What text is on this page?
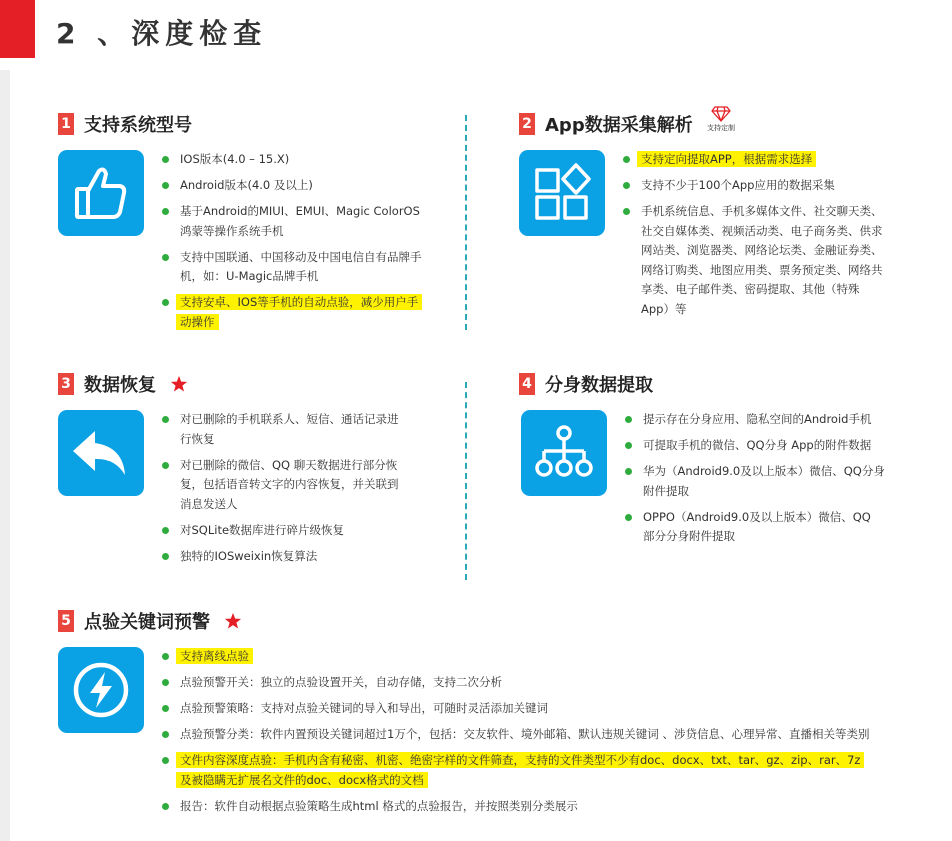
2 、深度检查
1 支持系统型号
IOS版本(4.0 – 15.X)
Android版本(4.0 及以上)
基于Android的MIUI、EMUI、Magic ColorOS鸿蒙等操作系统手机
支持中国联通、中国移动及中国电信自有品牌手机，如：U-Magic品牌手机
支持安卓、IOS等手机的自动点验，减少用户手动操作
2 App数据采集解析 支持定制
支持定向提取APP，根据需求选择
支持不少于100个App应用的数据采集
手机系统信息、手机多媒体文件、社交聊天类、社交自媒体类、视频活动类、电子商务类、供求网站类、浏览器类、网络论坛类、金融证券类、网络订购类、地图应用类、票务预定类、网络共享类、电子邮件类、密码提取、其他（特殊App）等
3 数据恢复
对已删除的手机联系人、短信、通话记录进行恢复
对已删除的微信、QQ 聊天数据进行部分恢复，包括语音转文字的内容恢复，并关联到消息发送人
对SQLite数据库进行碎片级恢复
独特的IOSweixin恢复算法
4 分身数据提取
提示存在分身应用、隐私空间的Android手机
可提取手机的微信、QQ分身 App的附件数据
华为（Android9.0及以上版本）微信、QQ分身附件提取
OPPO（Android9.0及以上版本）微信、QQ 部分分身附件提取
5 点验关键词预警
支持离线点验
点验预警开关：独立的点验设置开关，自动存储，支持二次分析
点验预警策略：支持对点验关键词的导入和导出，可随时灵活添加关键词
点验预警分类：软件内置预设关键词超过1万个，包括：交友软件、境外邮箱、默认违规关键词 、涉贷信息、心理异常、直播相关等类别
文件内容深度点验：手机内含有秘密、机密、绝密字样的文件筛查，支持的文件类型不少有doc、docx、txt、tar、gz、zip、rar、7z及被隐瞒无扩展名文件的doc、docx格式的文档
报告：软件自动根据点验策略生成html 格式的点验报告，并按照类别分类展示
